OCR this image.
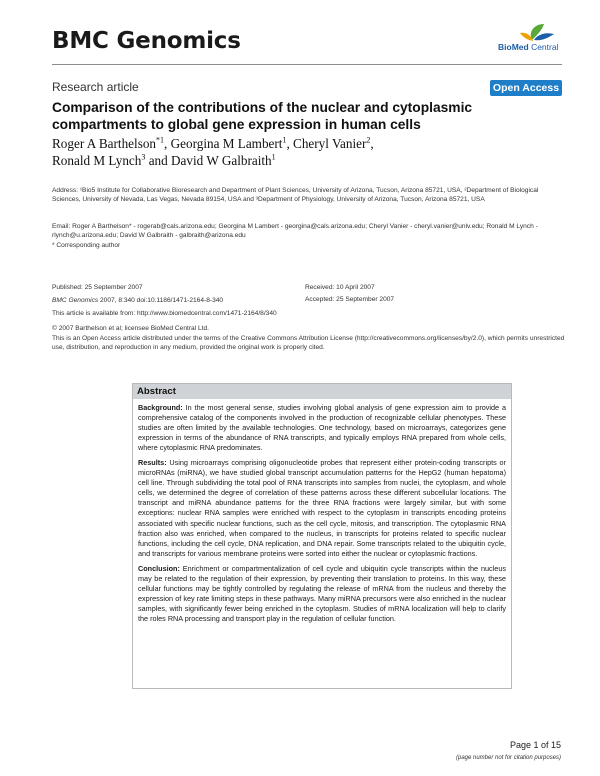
BMC Genomics	BioMed Central
Research article	Open Access
Comparison of the contributions of the nuclear and cytoplasmic compartments to global gene expression in human cells
Roger A Barthelson$^{*1}$, Georgina M Lambert$^1$, Cheryl Vanier$^2$,
Ronald M Lynch$^3$ and David W Galbraith$^1$
Address: ¹Bio5 Institute for Collaborative Bioresearch and Department of Plant Sciences, University of Arizona, Tucson, Arizona 85721, USA, ²Department of Biological Sciences, University of Nevada, Las Vegas, Nevada 89154, USA and ³Department of Physiology, University of Arizona, Tucson, Arizona 85721, USA
Email: Roger A Barthelson* - rogerab@cals.arizona.edu; Georgina M Lambert - georgina@cals.arizona.edu; Cheryl Vanier - cheryl.vanier@unlv.edu; Ronald M Lynch - rlynch@u.arizona.edu; David W Galbraith - galbraith@arizona.edu
* Corresponding author
Published: 25 September 2007
BMC Genomics 2007, 8:340 doi:10.1186/1471-2164-8-340
This article is available from: http://www.biomedcentral.com/1471-2164/8/340
Received: 10 April 2007
Accepted: 25 September 2007
© 2007 Barthelson et al; licensee BioMed Central Ltd.
This is an Open Access article distributed under the terms of the Creative Commons Attribution License (http://creativecommons.org/licenses/by/2.0), which permits unrestricted use, distribution, and reproduction in any medium, provided the original work is properly cited.
Abstract

Background: In the most general sense, studies involving global analysis of gene expression aim to provide a comprehensive catalog of the components involved in the production of recognizable cellular phenotypes. These studies are often limited by the available technologies. One technology, based on microarrays, categorizes gene expression in terms of the abundance of RNA transcripts, and typically employs RNA prepared from whole cells, where cytoplasmic RNA predominates.

Results: Using microarrays comprising oligonucleotide probes that represent either protein-coding transcripts or microRNAs (miRNA), we have studied global transcript accumulation patterns for the HepG2 (human hepatoma) cell line. Through subdividing the total pool of RNA transcripts into samples from nuclei, the cytoplasm, and whole cells, we determined the degree of correlation of these patterns across these different subcellular locations. The transcript and miRNA abundance patterns for the three RNA fractions were largely similar, but with some exceptions: nuclear RNA samples were enriched with respect to the cytoplasm in transcripts encoding proteins associated with specific nuclear functions, such as the cell cycle, mitosis, and transcription. The cytoplasmic RNA fraction also was enriched, when compared to the nucleus, in transcripts for proteins related to specific nuclear functions, including the cell cycle, DNA replication, and DNA repair. Some transcripts related to the ubiquitin cycle, and transcripts for various membrane proteins were sorted into either the nuclear or cytoplasmic fractions.

Conclusion: Enrichment or compartmentalization of cell cycle and ubiquitin cycle transcripts within the nucleus may be related to the regulation of their expression, by preventing their translation to proteins. In this way, these cellular functions may be tightly controlled by regulating the release of mRNA from the nucleus and thereby the expression of key rate limiting steps in these pathways. Many miRNA precursors were also enriched in the nuclear samples, with significantly fewer being enriched in the cytoplasm. Studies of mRNA localization will help to clarify the roles RNA processing and transport play in the regulation of cellular function.

Page 1 of 15
(page number not for citation purposes)
